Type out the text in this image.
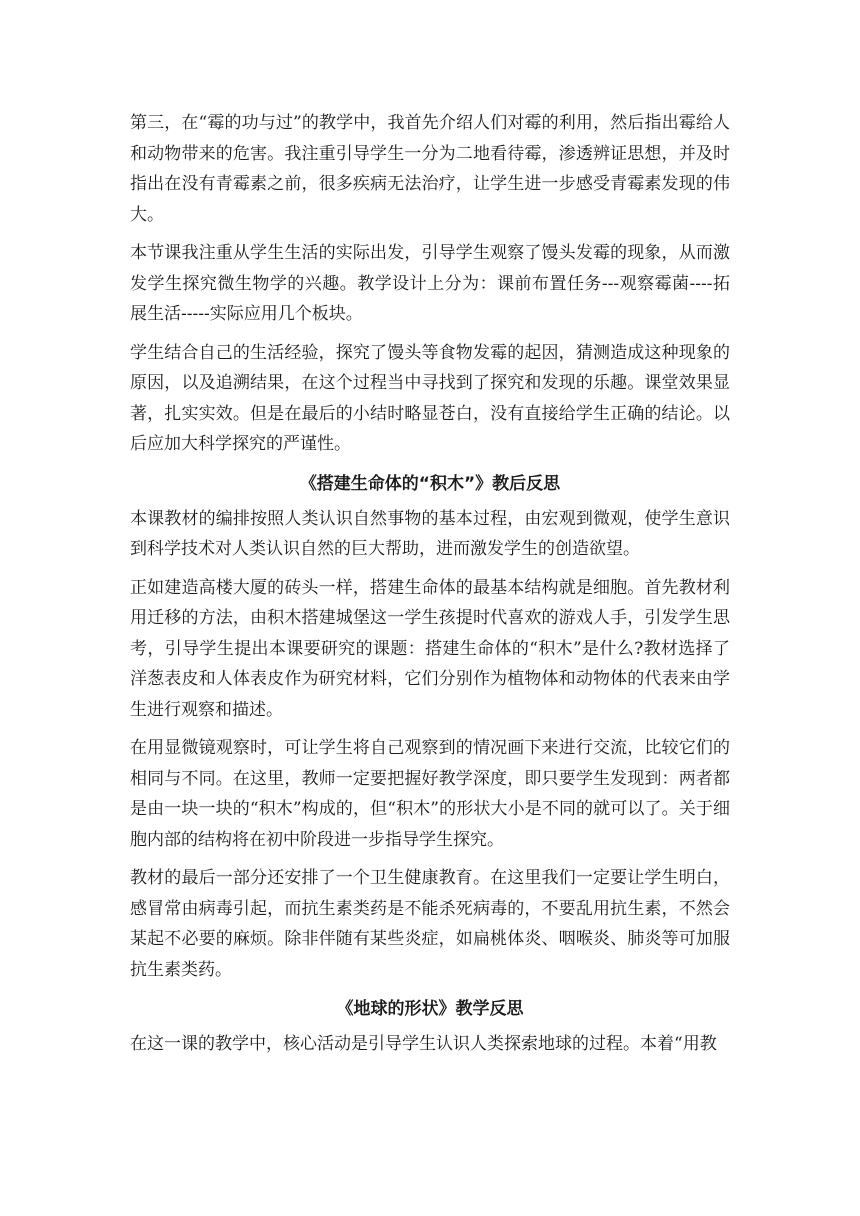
第三，在“霉的功与过”的教学中，我首先介绍人们对霉的利用，然后指出霉给人和动物带来的危害。我注重引导学生一分为二地看待霉，渗透辨证思想，并及时指出在没有青霉素之前，很多疾病无法治疗，让学生进一步感受青霉素发现的伟大。

本节课我注重从学生生活的实际出发，引导学生观察了馒头发霉的现象，从而激发学生探究微生物学的兴趣。教学设计上分为：课前布置任务---观察霉菌----拓展生活-----实际应用几个板块。

学生结合自己的生活经验，探究了馒头等食物发霉的起因，猜测造成这种现象的原因，以及追溯结果，在这个过程当中寻找到了探究和发现的乐趣。课堂效果显著，扎实实效。但是在最后的小结时略显苍白，没有直接给学生正确的结论。以后应加大科学探究的严谨性。

《搭建生命体的“积木”》教后反思

本课教材的编排按照人类认识自然事物的基本过程，由宏观到微观，使学生意识到科学技术对人类认识自然的巨大帮助，进而激发学生的创造欲望。

正如建造高楼大厦的砖头一样，搭建生命体的最基本结构就是细胞。首先教材利用迁移的方法，由积木搭建城堡这一学生孩提时代喜欢的游戏人手，引发学生思考，引导学生提出本课要研究的课题：搭建生命体的“积木”是什么?教材选择了洋葱表皮和人体表皮作为研究材料，它们分别作为植物体和动物体的代表来由学生进行观察和描述。

在用显微镜观察时，可让学生将自己观察到的情况画下来进行交流，比较它们的相同与不同。在这里，教师一定要把握好教学深度，即只要学生发现到：两者都是由一块一块的“积木”构成的，但“积木”的形状大小是不同的就可以了。关于细胞内部的结构将在初中阶段进一步指导学生探究。

教材的最后一部分还安排了一个卫生健康教育。在这里我们一定要让学生明白，感冒常由病毒引起，而抗生素类药是不能杀死病毒的，不要乱用抗生素，不然会某起不必要的麻烦。除非伴随有某些炎症，如扁桃体炎、咽喉炎、肺炎等可加服抗生素类药。

《地球的形状》教学反思

在这一课的教学中，核心活动是引导学生认识人类探索地球的过程。本着“用教
